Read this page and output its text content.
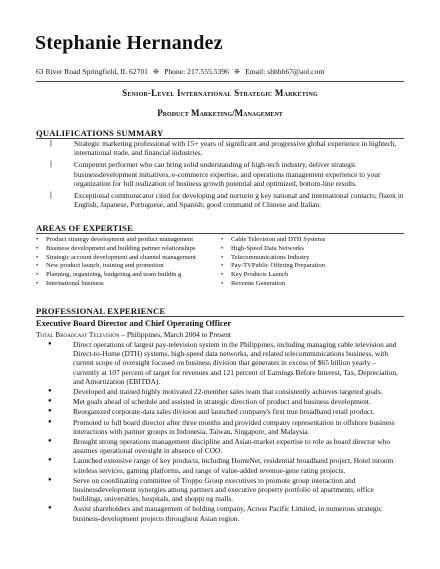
Stephanie Hernandez
63 River Road Springfield, IL 62701 ❈ Phone: 217.555.5396 ❈ Email: shhhh67@aol.com
Senior-Level International Strategic Marketing
Product Marketing/Management
QUALIFICATIONS SUMMARY
❘	Strategic marketing professional with 15+ years of significant and progressive global experience in hightech, international trade, and financial industries.
❘	Competent performer who can bring solid understanding of high-tech industry, deliver strategic businessdevelopment initiatives, e-commerce expertise, and operations management experience to your organization for full realization of business growth potential and optimized, bottom-line results.
❘	Exceptional communicator cited for developing and nurturin g key national and international contacts; fluent in English, Japanese, Portuguese, and Spanish; good command of Chinese and Italian.
AREAS OF EXPERTISE
•	Product strategy development and product management
•	Business development and building partner relationships
•	Strategic account development and channel management
•	New product launch, training and promotion
•	Planning, organizing, budgeting and team buildin g
•	International business
•	Cable Television and DTH Systems
•	High-Speed Data Networks
•	Telecommunications Industry
•	Pay-TVPublic Offering Preparation
•	Key Products Launch
•	Revenue Generation
PROFESSIONAL EXPERIENCE
Executive Board Director and Chief Operating Officer
Total Broadcast Television – Philippines, March 2004 to Present
●	Direct operations of largest pay-television system in the Philippines, including managing cable television and Direct-to-Home (DTH) systems, high-speed data networks, and related telecommunications business, with current scope of oversight focused on business division that generates in excess of $65 billion yearly – currently at 107 percent of target for revenues and 121 percent of Earnings Before Interest, Tax, Depreciation, and Amortization (EBITDA).
●	Developed and trained highly motivated 22-member sales team that consistently achieves targeted goals.
●	Met goals ahead of schedule and assisted in strategic direction of product and business development.
●	Reorganized corporate-data sales division and launched company's first true broadband retail product.
●	Promoted to full board director after three months and provided company representation in offshore business interactions with partner groups in Indonesia, Taiwan, Singapore, and Malaysia.
●	Brought strong operations management discipline and Asian-market expertise to role as board director who assumes operational oversight in absence of COO.
●	Launched extensive range of key products, including HomeNet, residential broadband project, Hotel inroom wireless services, gaming platforms, and range of value-added revenue-gene rating projects.
●	Serve on coordinating committee of Troppo Group executives to promote group interaction and businessdevelopment synergies among partners and executive property portfolio of apartments, office buildings, universities, hospitals, and shoppi ng malls.
●	Assist shareholders and management of holding company, Across Pacific Limited, in numerous strategic business-development projects throughout Asian region.
